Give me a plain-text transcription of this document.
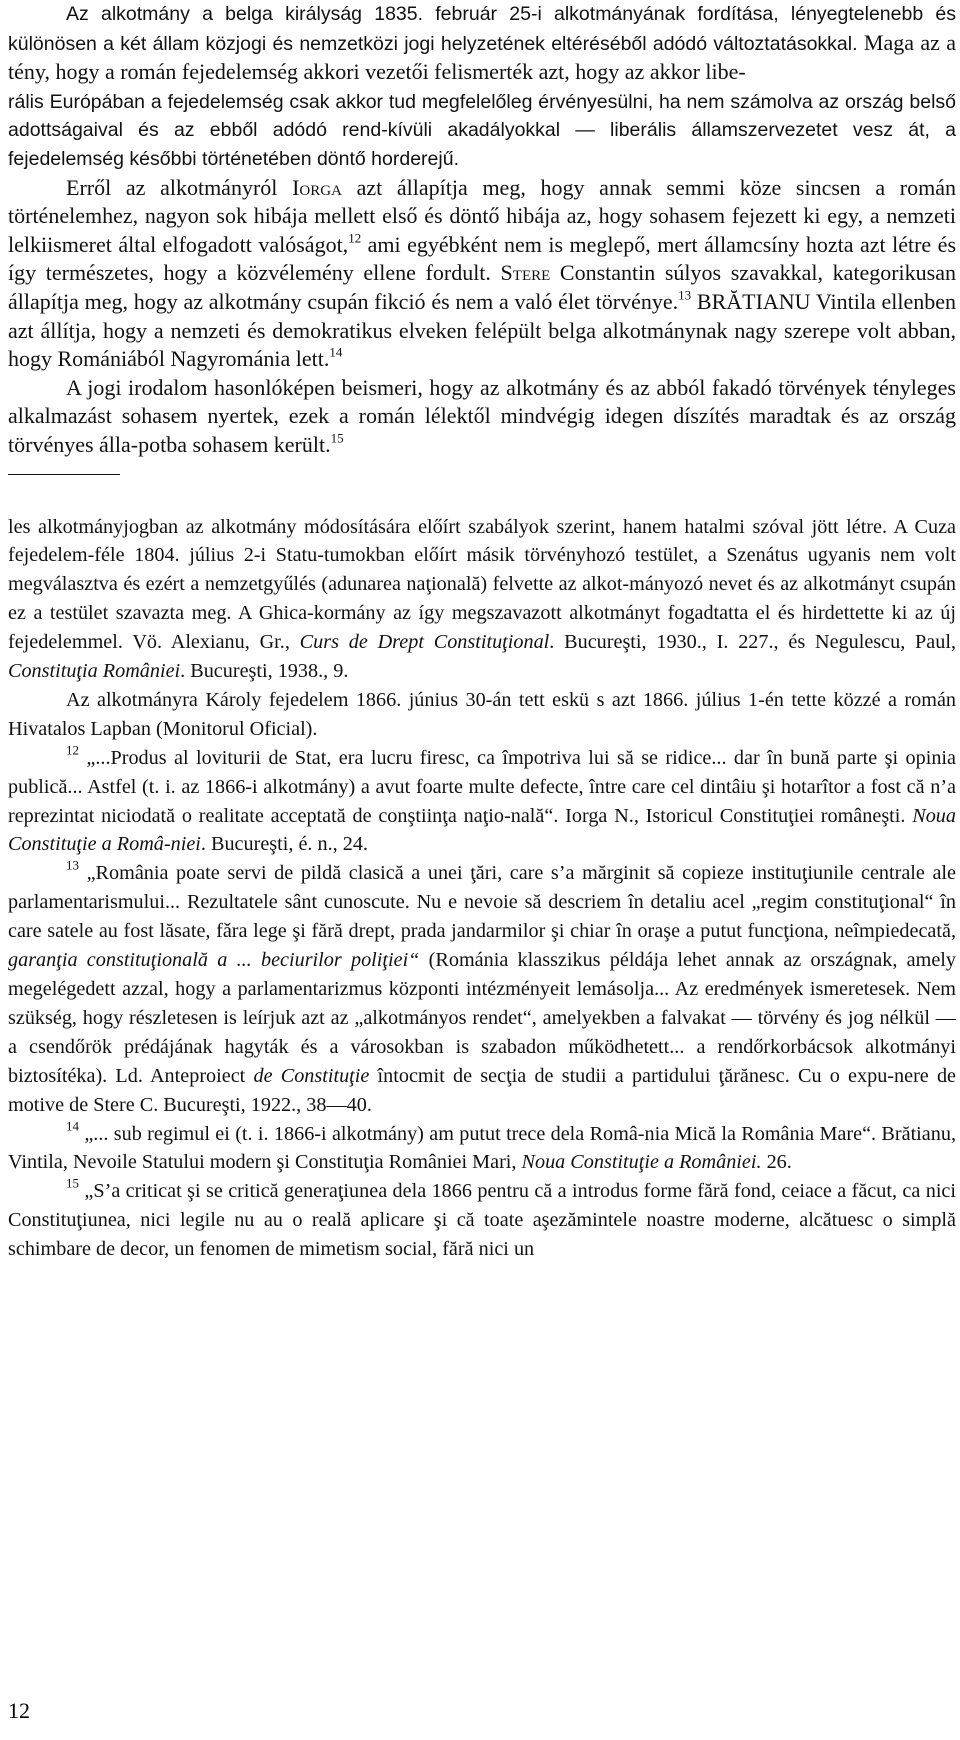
Az alkotmány a belga királyság 1835. február 25-i alkotmányának fordítása, lényegtelenebb és különösen a két állam közjogi és nemzetközi jogi helyzetének eltéréséből adódó változtatásokkal. Maga az a tény, hogy a román fejedelemség akkori vezetői felismerték azt, hogy az akkor libe-

rális Európában a fejedelemség csak akkor tud megfelelőleg érvényesülni, ha nem számolva az ország belső adottságaival és az ebből adódó rend-kívüli akadályokkal — liberális államszervezetet vesz át, a fejedelemség későbbi történetében döntő horderejű.

Erről az alkotmányról Iorga azt állapítja meg, hogy annak semmi köze sincsen a román történelemhez, nagyon sok hibája mellett első és döntő hibája az, hogy sohasem fejezett ki egy, a nemzeti lelkiismeret által elfogadott valóságot,$^{12}$ ami egyébként nem is meglepő, mert államcsíny hozta azt létre és így természetes, hogy a közvélemény ellene fordult. Stere Constantin súlyos szavakkal, kategorikusan állapítja meg, hogy az alkotmány csupán fikció és nem a való élet törvénye.$^{13}$ BRĂTIANU Vintila ellenben azt állítja, hogy a nemzeti és demokratikus elveken felépült belga alkotmánynak nagy szerepe volt abban, hogy Romániából Nagyrománia lett.$^{14}$

A jogi irodalom hasonlóképen beismeri, hogy az alkotmány és az abból fakadó törvények tényleges alkalmazást sohasem nyertek, ezek a román lélektől mindvégig idegen díszítés maradtak és az ország törvényes álla-potba sohasem került.$^{15}$

les alkotmányjogban az alkotmány módosítására előírt szabályok szerint, hanem hatalmi szóval jött létre. A Cuza fejedelem-féle 1804. július 2-i Statu-tumokban előírt másik törvényhozó testület, a Szenátus ugyanis nem volt megválasztva és ezért a nemzetgyűlés (adunarea naţională) felvette az alkot-mányozó nevet és az alkotmányt csupán ez a testület szavazta meg. A Ghica-kormány az így megszavazott alkotmányt fogadtatta el és hirdettette ki az új fejedelemmel. Vö. Alexianu, Gr., Curs de Drept Constituţional. Bucureşti, 1930., I. 227., és Negulescu, Paul, Constituţia României. Bucureşti, 1938., 9.

Az alkotmányra Károly fejedelem 1866. június 30-án tett eskü s azt 1866. július 1-én tette közzé a román Hivatalos Lapban (Monitorul Oficial).

$^{12}$ „...Produs al loviturii de Stat, era lucru firesc, ca împotriva lui să se ridice... dar în bună parte şi opinia publică... Astfel (t. i. az 1866-i alkotmány) a avut foarte multe defecte, între care cel dintâiu şi hotarîtor a fost că n’a reprezintat niciodată o realitate acceptată de conştiinţa naţio-nală“. Iorga N., Istoricul Constituţiei româneşti. Noua Constituţie a Româ-niei. Bucureşti, é. n., 24.

$^{13}$ „România poate servi de pildă clasică a unei ţări, care s’a mărginit să copieze instituţiunile centrale ale parlamentarismului... Rezultatele sânt cunoscute. Nu e nevoie să descriem în detaliu acel „regim constituţional“ în care satele au fost lăsate, fǎra lege şi fără drept, prada jandarmilor şi chiar în oraşe a putut funcţiona, neîmpiedecată, garanţia constituţională a ... beciurilor poliţiei“ (Románia klasszikus példája lehet annak az országnak, amely megelégedett azzal, hogy a parlamentarizmus központi intézményeit lemásolja... Az eredmények ismeretesek. Nem szükség, hogy részletesen is leírjuk azt az „alkotmányos rendet“, amelyekben a falvakat — törvény és jog nélkül — a csendőrök prédájának hagyták és a városokban is szabadon működhetett... a rendőrkorbácsok alkotmányi biztosítéka). Ld. Anteproiect de Constituţie întocmit de secţia de studii a partidului ţărănesc. Cu o expu-nere de motive de Stere C. Bucureşti, 1922., 38—40.

$^{14}$ „... sub regimul ei (t. i. 1866-i alkotmány) am putut trece dela Româ-nia Mică la România Mare“. Brătianu, Vintila, Nevoile Statului modern şi Constituţia României Mari, Noua Constituţie a României. 26.

$^{15}$ „S’a criticat şi se critică generaţiunea dela 1866 pentru că a introdus forme fără fond, ceiace a făcut, ca nici Constituţiunea, nici legile nu au o reală aplicare şi că toate aşezămintele noastre moderne, alcătuesc o simplă schimbare de decor, un fenomen de mimetism social, fără nici un

12
